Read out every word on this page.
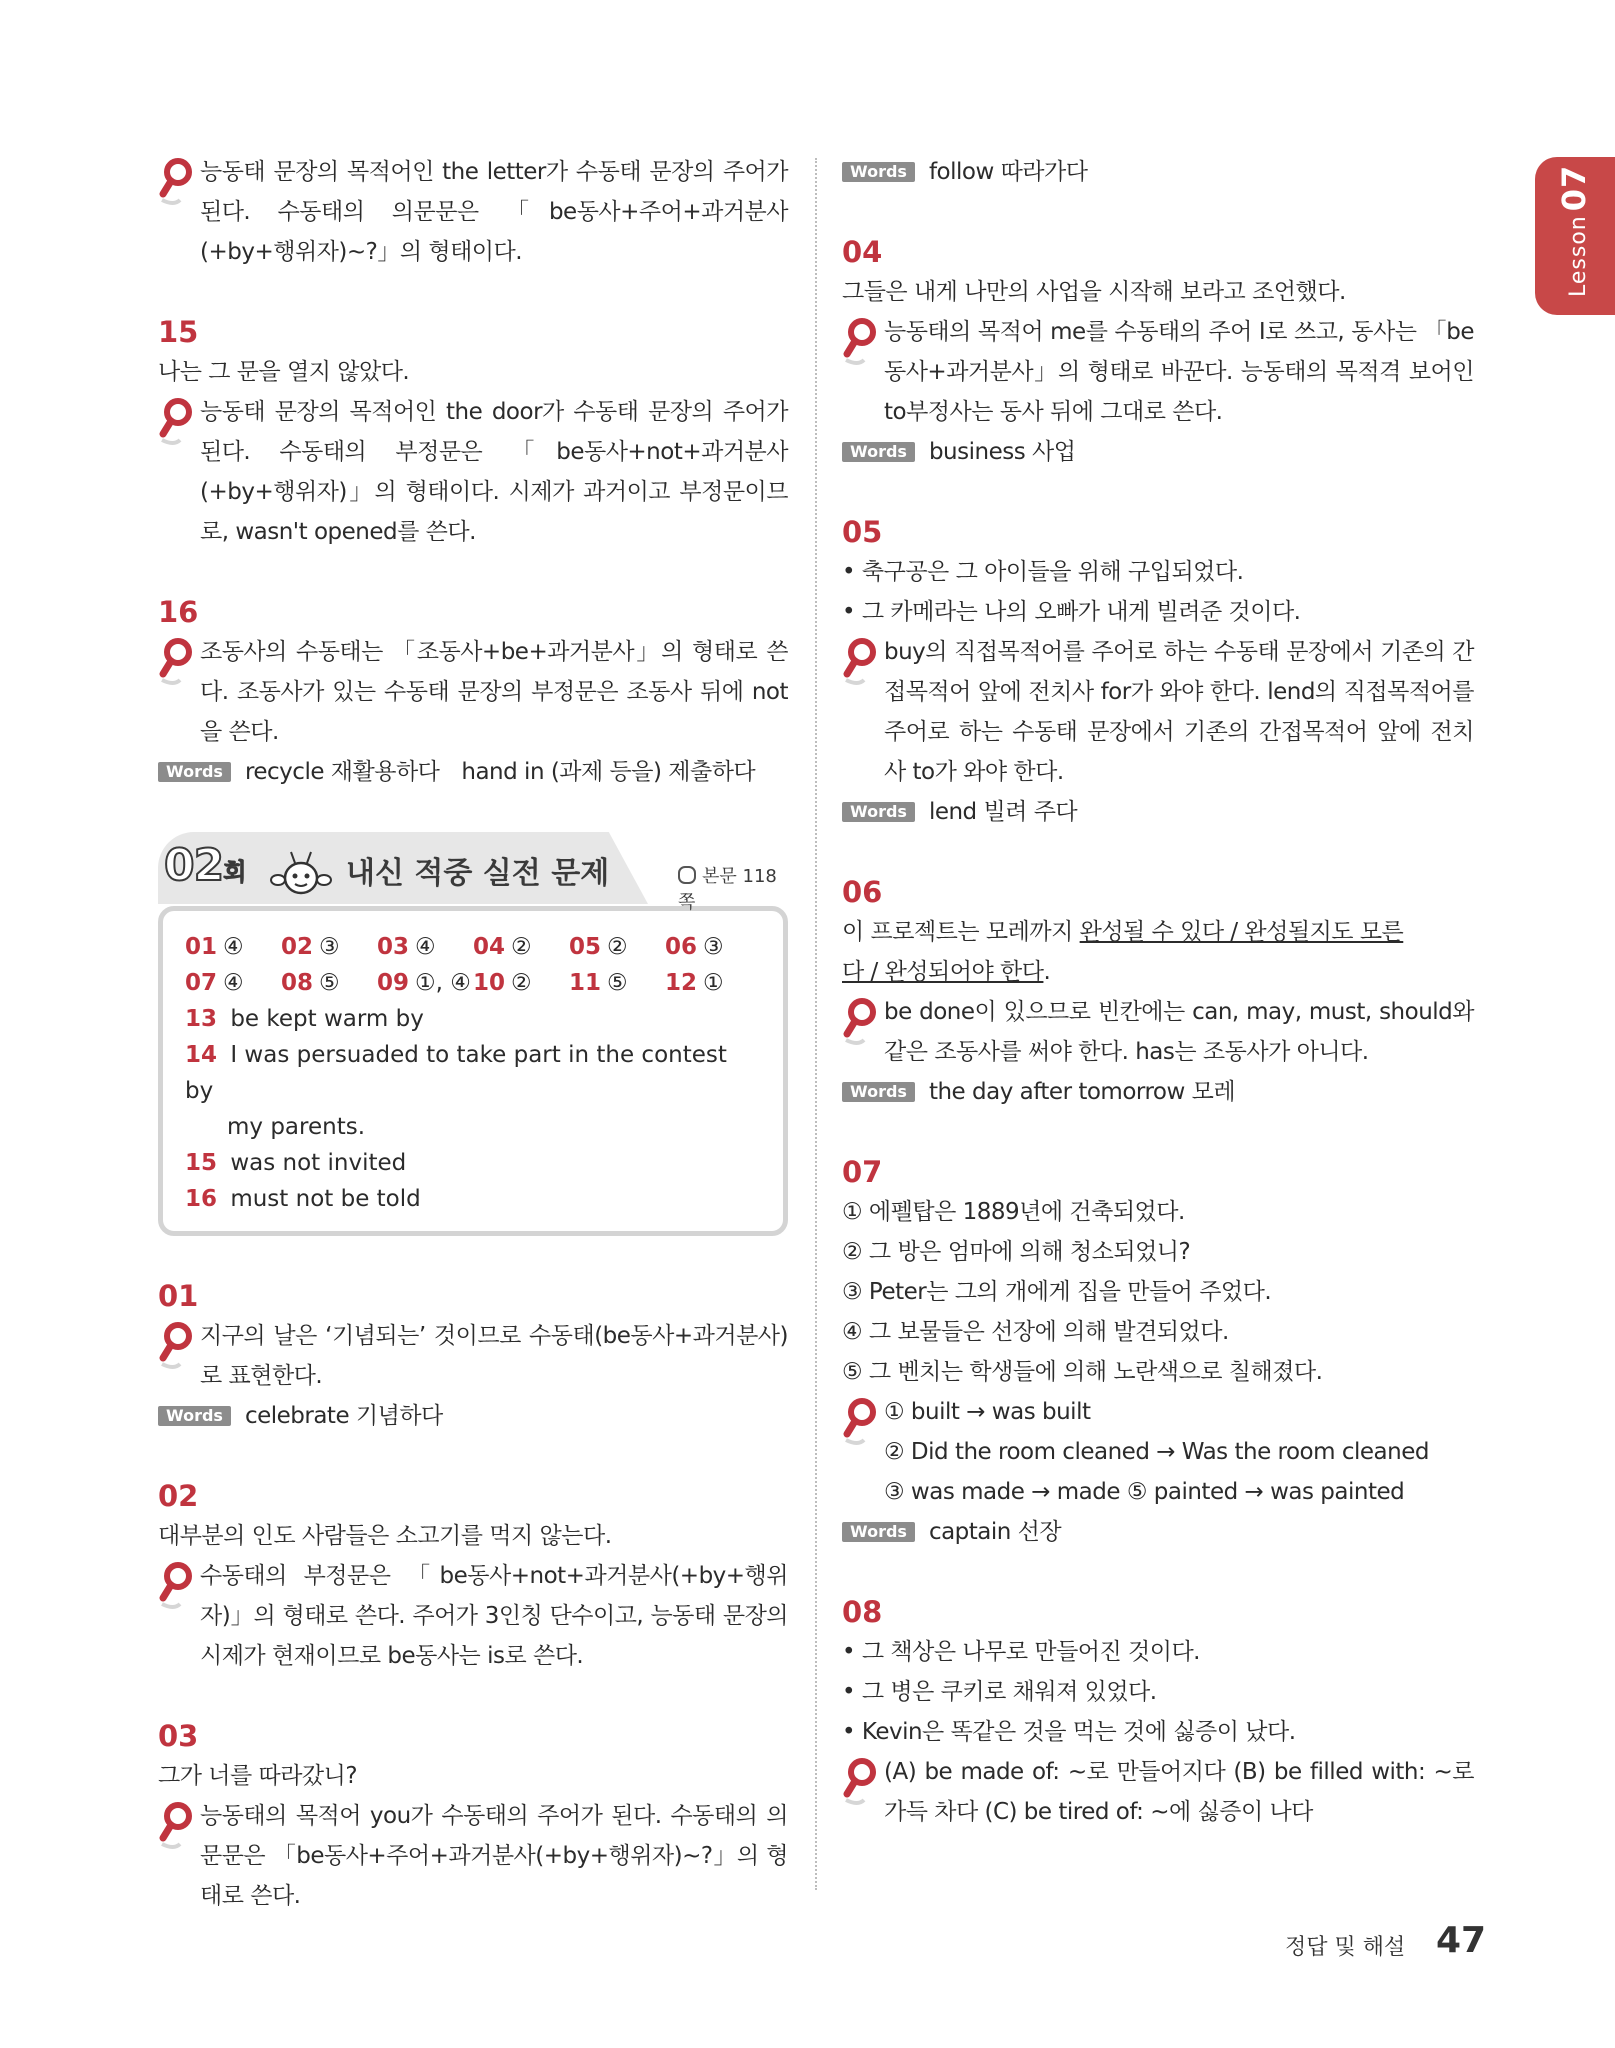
Lesson07
능동태 문장의 목적어인 the letter가 수동태 문장의 주어가 된다. 수동태의 의문문은 「be동사+주어+과거분사(+by+행위자)~?」의 형태이다.

15

나는 그 문을 열지 않았다.

능동태 문장의 목적어인 the door가 수동태 문장의 주어가 된다. 수동태의 부정문은 「be동사+not+과거분사(+by+행위자)」의 형태이다. 시제가 과거이고 부정문이므로, wasn't opened를 쓴다.

16

조동사의 수동태는 「조동사+be+과거분사」의 형태로 쓴다. 조동사가 있는 수동태 문장의 부정문은 조동사 뒤에 not을 쓴다.
Words recycle 재활용하다 hand in (과제 등을) 제출하다
02회	내신 적중 실전 문제	본문 118쪽
01 ④	02 ③	03 ④	04 ②	05 ②	06 ③
07 ④	08 ⑤	09 ①, ④ 10 ②	11 ⑤	12 ①

13 be kept warm by

14 I was persuaded to take part in the contest by
my parents.

15 was not invited

16 must not be told

01

지구의 날은 ‘기념되는’ 것이므로 수동태(be동사+과거분사)로 표현한다.
Words celebrate 기념하다

02

대부분의 인도 사람들은 소고기를 먹지 않는다.

수동태의 부정문은 「be동사+not+과거분사(+by+행위자)」의 형태로 쓴다. 주어가 3인칭 단수이고, 능동태 문장의 시제가 현재이므로 be동사는 is로 쓴다.

03

그가 너를 따라갔니?

능동태의 목적어 you가 수동태의 주어가 된다. 수동태의 의문문은 「be동사+주어+과거분사(+by+행위자)~?」의 형태로 쓴다.
Words follow 따라가다

04

그들은 내게 나만의 사업을 시작해 보라고 조언했다.

능동태의 목적어 me를 수동태의 주어 I로 쓰고, 동사는 「be동사+과거분사」의 형태로 바꾼다. 능동태의 목적격 보어인 to부정사는 동사 뒤에 그대로 쓴다.
Words business 사업

05

• 축구공은 그 아이들을 위해 구입되었다.

• 그 카메라는 나의 오빠가 내게 빌려준 것이다.

buy의 직접목적어를 주어로 하는 수동태 문장에서 기존의 간접목적어 앞에 전치사 for가 와야 한다. lend의 직접목적어를 주어로 하는 수동태 문장에서 기존의 간접목적어 앞에 전치사 to가 와야 한다.
Words lend 빌려 주다

06

이 프로젝트는 모레까지 완성될 수 있다 / 완성될지도 모른
다 / 완성되어야 한다.

be done이 있으므로 빈칸에는 can, may, must, should와 같은 조동사를 써야 한다. has는 조동사가 아니다.
Words the day after tomorrow 모레

07

① 에펠탑은 1889년에 건축되었다.

② 그 방은 엄마에 의해 청소되었니?

③ Peter는 그의 개에게 집을 만들어 주었다.

④ 그 보물들은 선장에 의해 발견되었다.

⑤ 그 벤치는 학생들에 의해 노란색으로 칠해졌다.

① built → was built
② Did the room cleaned → Was the room cleaned
③ was made → made ⑤ painted → was painted
Words captain 선장

08

• 그 책상은 나무로 만들어진 것이다.

• 그 병은 쿠키로 채워져 있었다.

• Kevin은 똑같은 것을 먹는 것에 싫증이 났다.

(A) be made of: ~로 만들어지다 (B) be filled with: ~로 가득 차다 (C) be tired of: ~에 싫증이 나다
정답 및 해설 47
